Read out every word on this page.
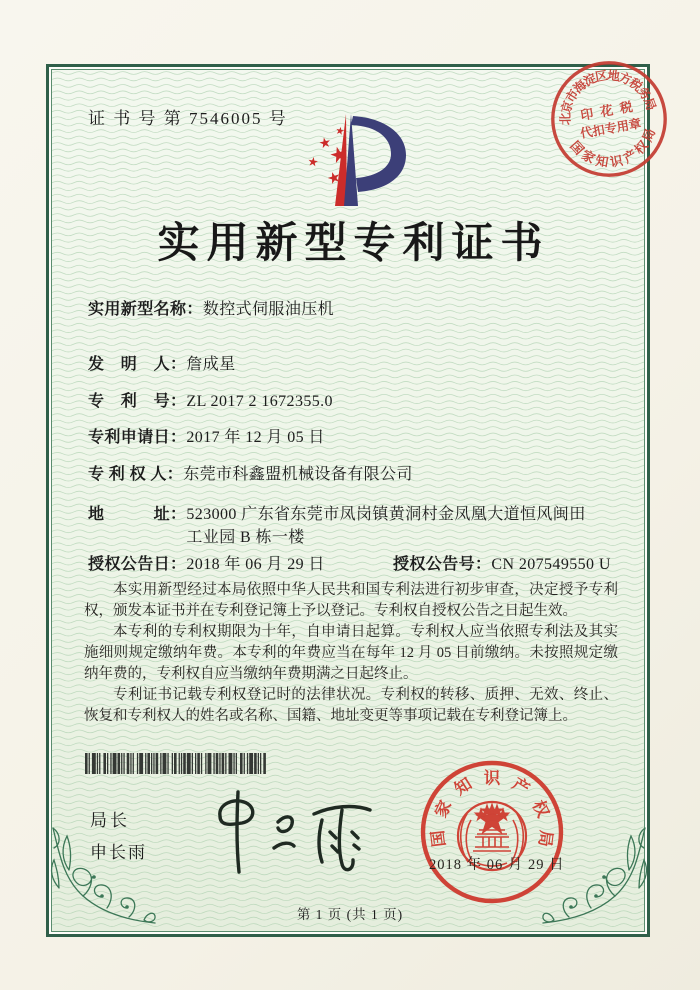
证 书 号 第 7546005 号	北
京
市
海
淀
区
地
方
税
务
局
国
家
知 识
产
权
局
印 花 税
代扣专用章
实用新型专利证书
实用新型名称：数控式伺服油压机
发　明　人：詹成星
专　利　号：ZL 2017 2 1672355.0
专利申请日：2017 年 12 月 05 日
专 利 权 人：东莞市科鑫盟机械设备有限公司
地　　　址：523000 广东省东莞市凤岗镇黄洞村金凤凰大道恒风闽田工业园 B 栋一楼
授权公告日：2018 年 06 月 29 日	授权公告号：CN 207549550 U

本实用新型经过本局依照中华人民共和国专利法进行初步审查，决定授予专利权，颁发本证书并在专利登记簿上予以登记。专利权自授权公告之日起生效。

本专利的专利权期限为十年，自申请日起算。专利权人应当依照专利法及其实施细则规定缴纳年费。本专利的年费应当在每年 12 月 05 日前缴纳。未按照规定缴纳年费的，专利权自应当缴纳年费期满之日起终止。

专利证书记载专利权登记时的法律状况。专利权的转移、质押、无效、终止、恢复和专利权人的姓名或名称、国籍、地址变更等事项记载在专利登记簿上。

局长
申长雨
国
家
知 识 产
权
局
2018 年 06 月 29 日
第 1 页 (共 1 页)
